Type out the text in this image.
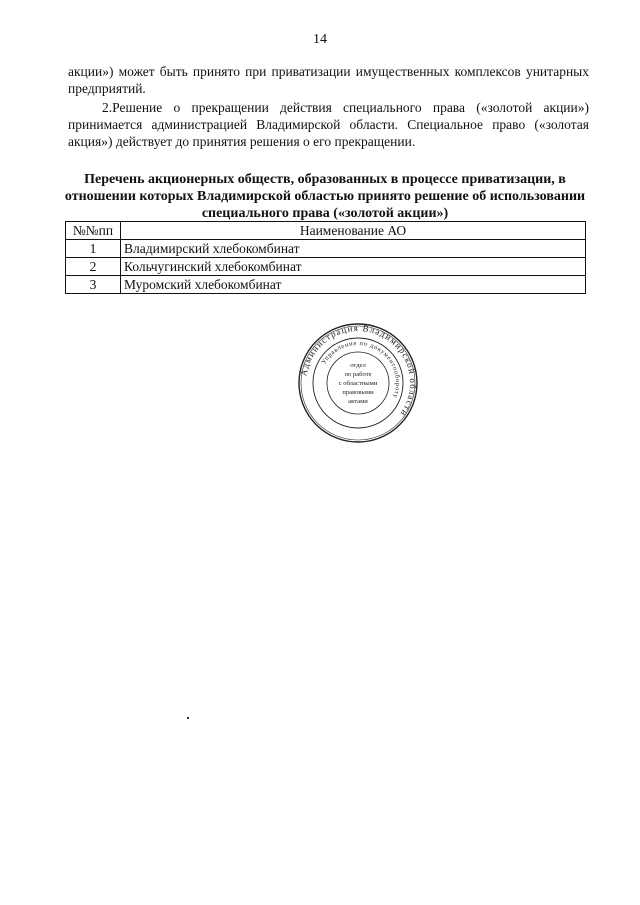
14

акции») может быть принято при приватизации имущественных комплексов унитарных предприятий.

2.Решение о прекращении действия специального права («золотой акции») принимается администрацией Владимирской области. Специальное право («золотая акция») действует до принятия решения о его прекращении.

Перечень акционерных обществ, образованных в процессе приватизации, в отношении которых Владимирской областью принято решение об использовании специального права («золотой акции»)

№№пп	Наименование АО
1	Владимирский хлебокомбинат
2	Кольчугинский хлебокомбинат
3	Муромский хлебокомбинат
Администрация Владимирской области
Управление по документообороту
отдел
по работе
с областными
правовыми
актами
